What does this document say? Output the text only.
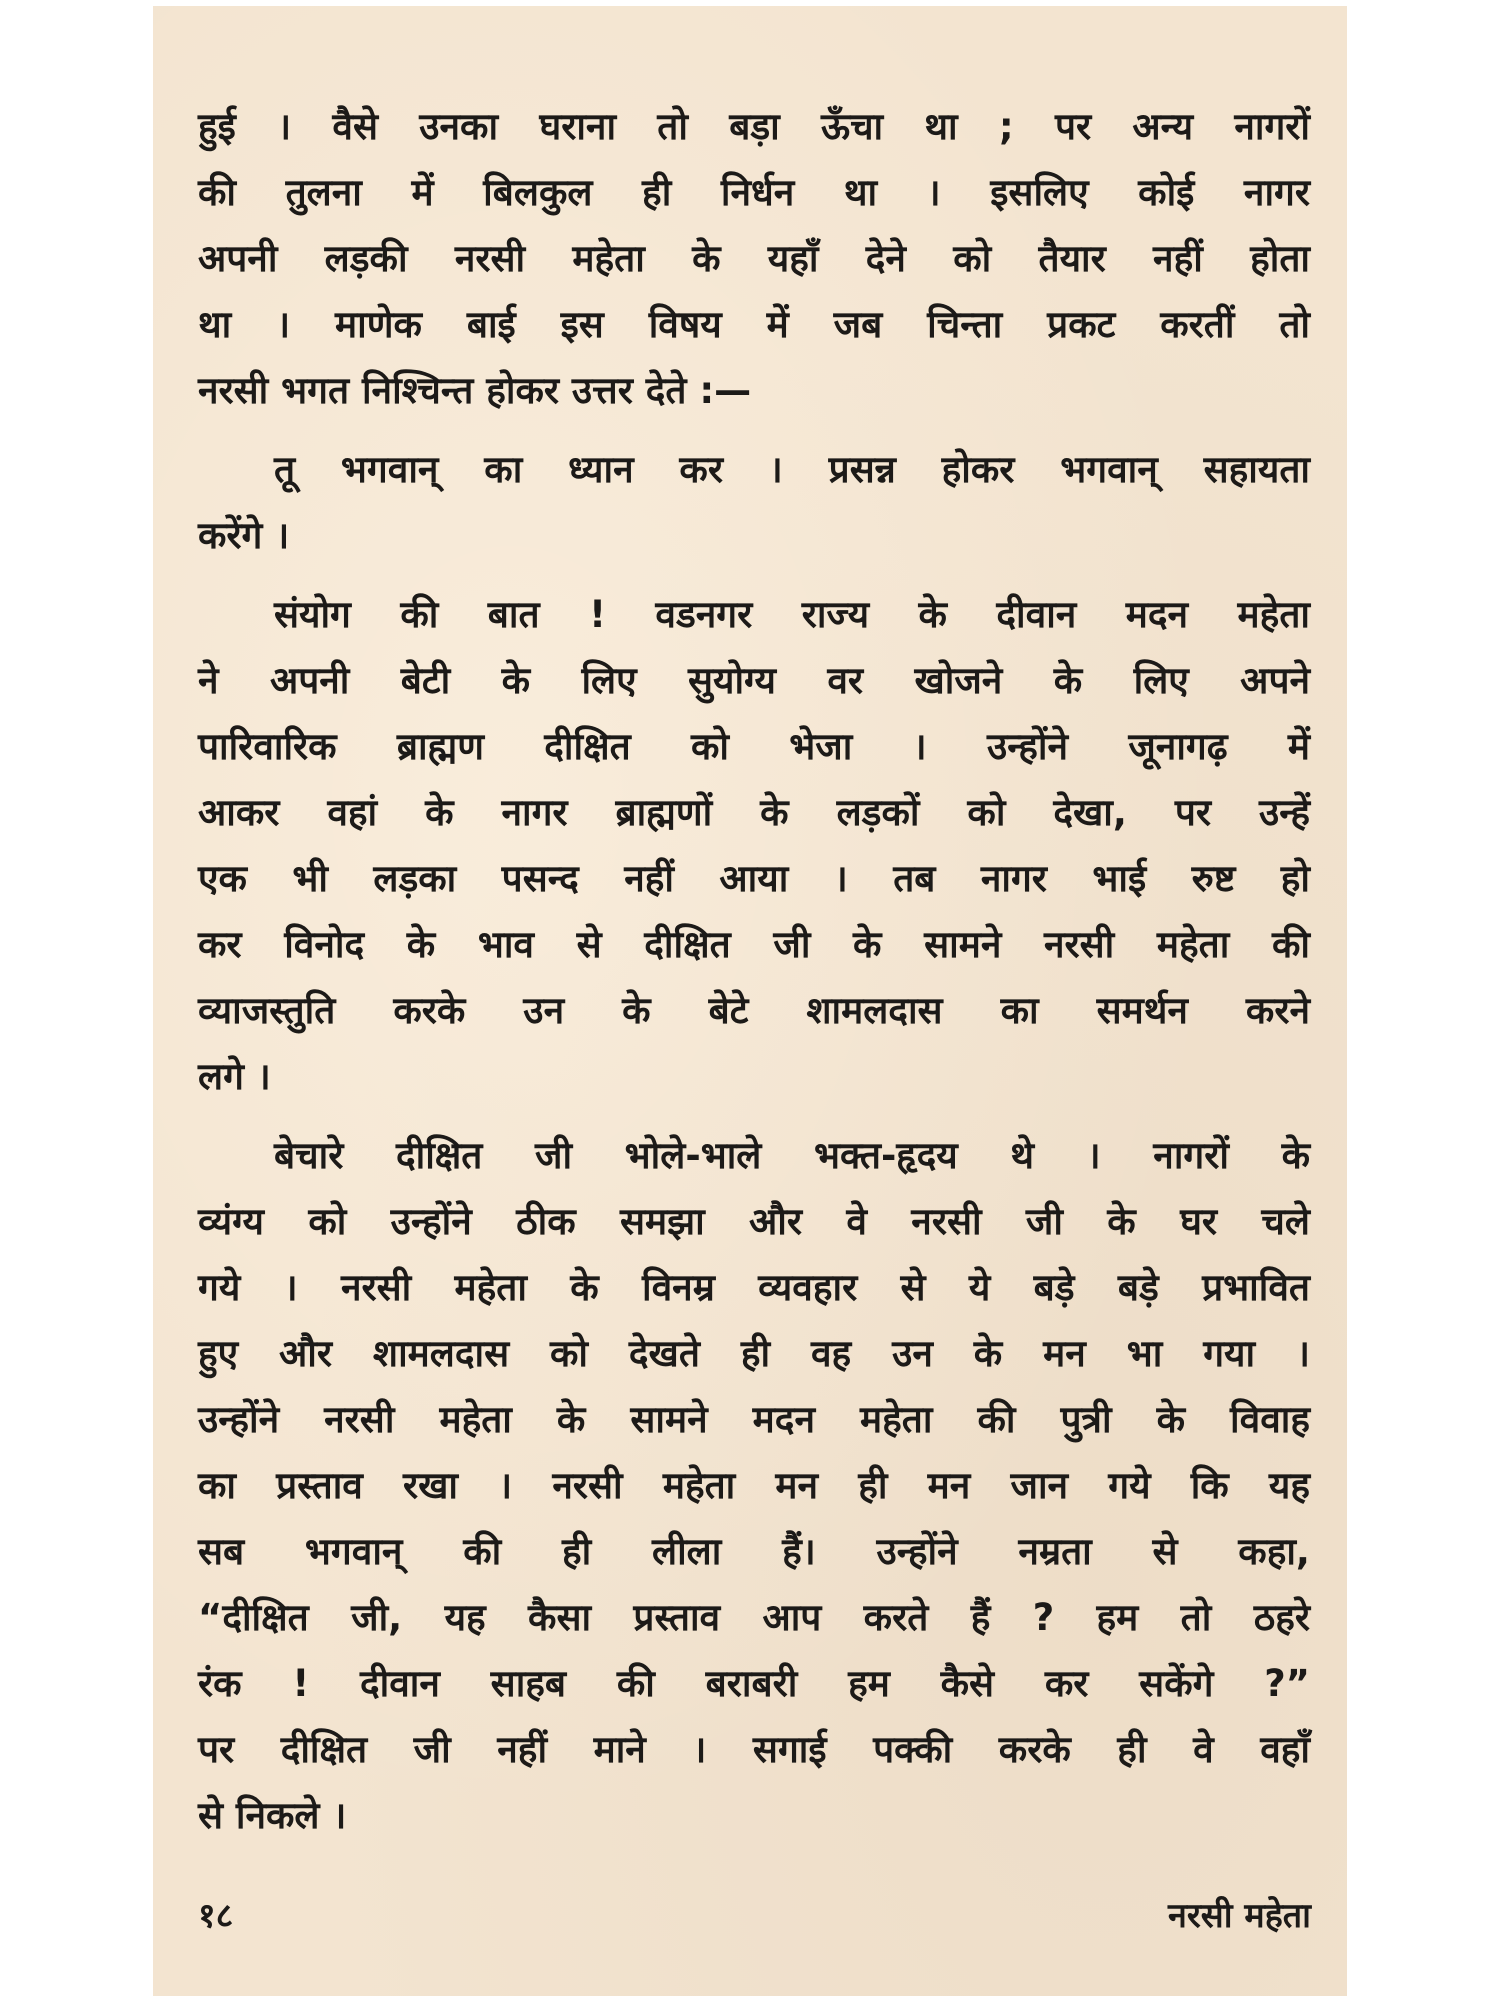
हुई । वैसे उनका घराना तो बड़ा ऊँचा था ; पर अन्य नागरों
की तुलना में बिलकुल ही निर्धन था । इसलिए कोई नागर
अपनी लड़की नरसी महेता के यहाँ देने को तैयार नहीं होता
था । माणेक बाई इस विषय में जब चिन्ता प्रकट करतीं तो
नरसी भगत निश्चिन्त होकर उत्तर देते :—
तू भगवान् का ध्यान कर । प्रसन्न होकर भगवान् सहायता
करेंगे ।
संयोग की बात ! वडनगर राज्य के दीवान मदन महेता
ने अपनी बेटी के लिए सुयोग्य वर खोजने के लिए अपने
पारिवारिक ब्राह्मण दीक्षित को भेजा । उन्होंने जूनागढ़ में
आकर वहां के नागर ब्राह्मणों के लड़कों को देखा, पर उन्हें
एक भी लड़का पसन्द नहीं आया । तब नागर भाई रुष्ट हो
कर विनोद के भाव से दीक्षित जी के सामने नरसी महेता की
व्याजस्तुति करके उन के बेटे शामलदास का समर्थन करने
लगे ।
बेचारे दीक्षित जी भोले-भाले भक्त-हृदय थे । नागरों के
व्यंग्य को उन्होंने ठीक समझा और वे नरसी जी के घर चले
गये । नरसी महेता के विनम्र व्यवहार से ये बड़े बड़े प्रभावित
हुए और शामलदास को देखते ही वह उन के मन भा गया ।
उन्होंने नरसी महेता के सामने मदन महेता की पुत्री के विवाह
का प्रस्ताव रखा । नरसी महेता मन ही मन जान गये कि यह
सब भगवान् की ही लीला हैं। उन्होंने नम्रता से कहा,
“दीक्षित जी, यह कैसा प्रस्ताव आप करते हैं ? हम तो ठहरे
रंक ! दीवान साहब की बराबरी हम कैसे कर सकेंगे ?”
पर दीक्षित जी नहीं माने । सगाई पक्की करके ही वे वहाँ
से निकले ।
१८	नरसी महेता
